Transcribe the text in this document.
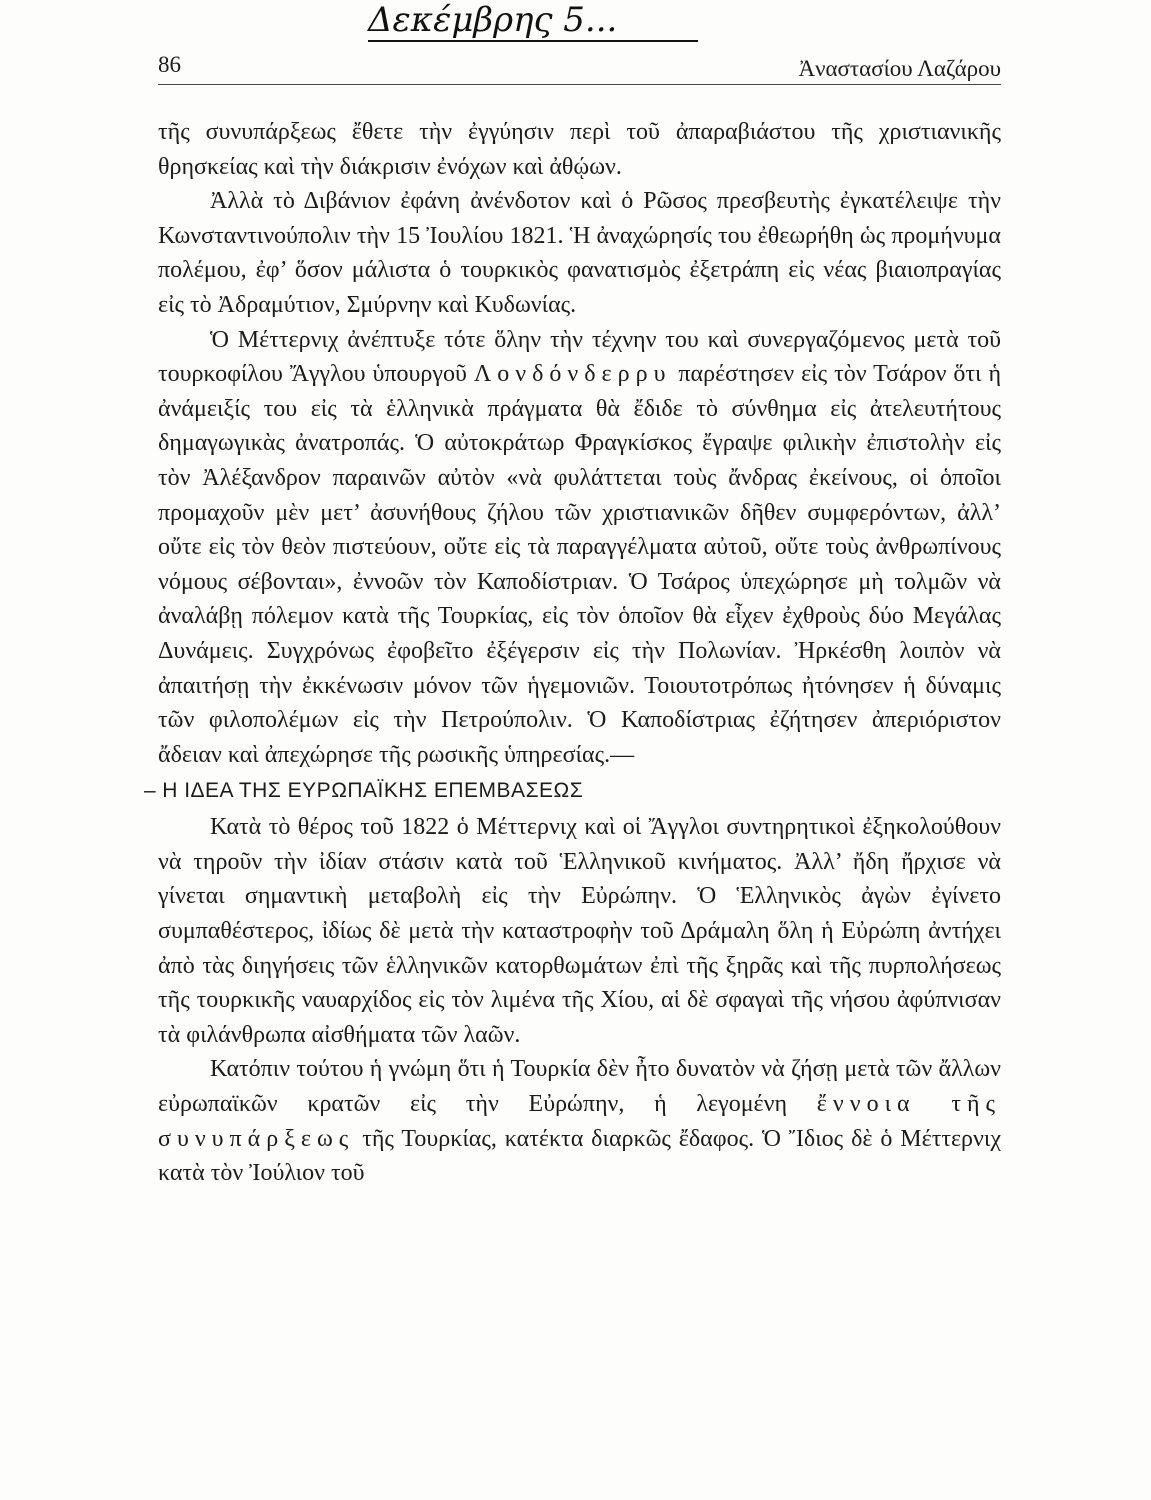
Δεκέμβρης 5...
86	Ἀναστασίου Λαζάρου

τῆς συνυπάρξεως ἔθετε τὴν ἐγγύησιν περὶ τοῦ ἀπαραβιάστου τῆς χριστιανικῆς θρησκείας καὶ τὴν διάκρισιν ἐνόχων καὶ ἀθῴων.

Ἀλλὰ τὸ Διβάνιον ἐφάνη ἀνένδοτον καὶ ὁ Ρῶσος πρεσβευτὴς ἐγκατέλειψε τὴν Κωνσταντινούπολιν τὴν 15 Ἰουλίου 1821. Ἡ ἀναχώρησίς του ἐθεωρήθη ὡς προμήνυμα πολέμου, ἐφ’ ὅσον μάλιστα ὁ τουρκικὸς φανατισμὸς ἐξετράπη εἰς νέας βιαιοπραγίας εἰς τὸ Ἀδραμύτιον, Σμύρνην καὶ Κυδωνίας.

Ὁ Μέττερνιχ ἀνέπτυξε τότε ὅλην τὴν τέχνην του καὶ συνεργαζόμενος μετὰ τοῦ τουρκοφίλου Ἄγγλου ὑπουργοῦ Λονδόνδερρυ παρέστησεν εἰς τὸν Τσάρον ὅτι ἡ ἀνάμειξίς του εἰς τὰ ἑλληνικὰ πράγματα θὰ ἔδιδε τὸ σύνθημα εἰς ἀτελευτήτους δημαγωγικὰς ἀνατροπάς. Ὁ αὐτοκράτωρ Φραγκίσκος ἔγραψε φιλικὴν ἐπιστολὴν εἰς τὸν Ἀλέξανδρον παραινῶν αὐτὸν «νὰ φυλάττεται τοὺς ἄνδρας ἐκείνους, οἱ ὁποῖοι προμαχοῦν μὲν μετ’ ἀσυνήθους ζήλου τῶν χριστιανικῶν δῆθεν συμφερόντων, ἀλλ’ οὔτε εἰς τὸν θεὸν πιστεύουν, οὔτε εἰς τὰ παραγγέλματα αὐτοῦ, οὔτε τοὺς ἀνθρωπίνους νόμους σέβονται», ἐννοῶν τὸν Καποδίστριαν. Ὁ Τσάρος ὑπεχώρησε μὴ τολμῶν νὰ ἀναλάβῃ πόλεμον κατὰ τῆς Τουρκίας, εἰς τὸν ὁποῖον θὰ εἶχεν ἐχθροὺς δύο Μεγάλας Δυνάμεις. Συγχρόνως ἐφοβεῖτο ἐξέγερσιν εἰς τὴν Πολωνίαν. Ἠρκέσθη λοιπὸν νὰ ἀπαιτήσῃ τὴν ἐκκένωσιν μόνον τῶν ἡγεμονιῶν. Τοιουτοτρόπως ἠτόνησεν ἡ δύναμις τῶν φιλοπολέμων εἰς τὴν Πετρούπολιν. Ὁ Καποδίστριας ἐζήτησεν ἀπεριόριστον ἄδειαν καὶ ἀπεχώρησε τῆς ρωσικῆς ὑπηρεσίας.—

– Η ΙΔΕΑ ΤΗΣ ΕΥΡΩΠΑΪΚΗΣ ΕΠΕΜΒΑΣΕΩΣ

Κατὰ τὸ θέρος τοῦ 1822 ὁ Μέττερνιχ καὶ οἱ Ἄγγλοι συντηρητικοὶ ἐξηκολούθουν νὰ τηροῦν τὴν ἰδίαν στάσιν κατὰ τοῦ Ἑλληνικοῦ κινήματος. Ἀλλ’ ἤδη ἤρχισε νὰ γίνεται σημαντικὴ μεταβολὴ εἰς τὴν Εὐρώπην. Ὁ Ἑλληνικὸς ἀγὼν ἐγίνετο συμπαθέστερος, ἰδίως δὲ μετὰ τὴν καταστροφὴν τοῦ Δράμαλη ὅλη ἡ Εὐρώπη ἀντήχει ἀπὸ τὰς διηγήσεις τῶν ἑλληνικῶν κατορθωμάτων ἐπὶ τῆς ξηρᾶς καὶ τῆς πυρπολήσεως τῆς τουρκικῆς ναυαρχίδος εἰς τὸν λιμένα τῆς Χίου, αἱ δὲ σφαγαὶ τῆς νήσου ἀφύπνισαν τὰ φιλάνθρωπα αἰσθήματα τῶν λαῶν.

Κατόπιν τούτου ἡ γνώμη ὅτι ἡ Τουρκία δὲν ἦτο δυνατὸν νὰ ζήσῃ μετὰ τῶν ἄλλων εὐρωπαϊκῶν κρατῶν εἰς τὴν Εὐρώπην, ἡ λεγομένη ἔννοια τῆς συνυπάρξεως τῆς Τουρκίας, κατέκτα διαρκῶς ἔδαφος. Ὁ Ἴδιος δὲ ὁ Μέττερνιχ κατὰ τὸν Ἰούλιον τοῦ
